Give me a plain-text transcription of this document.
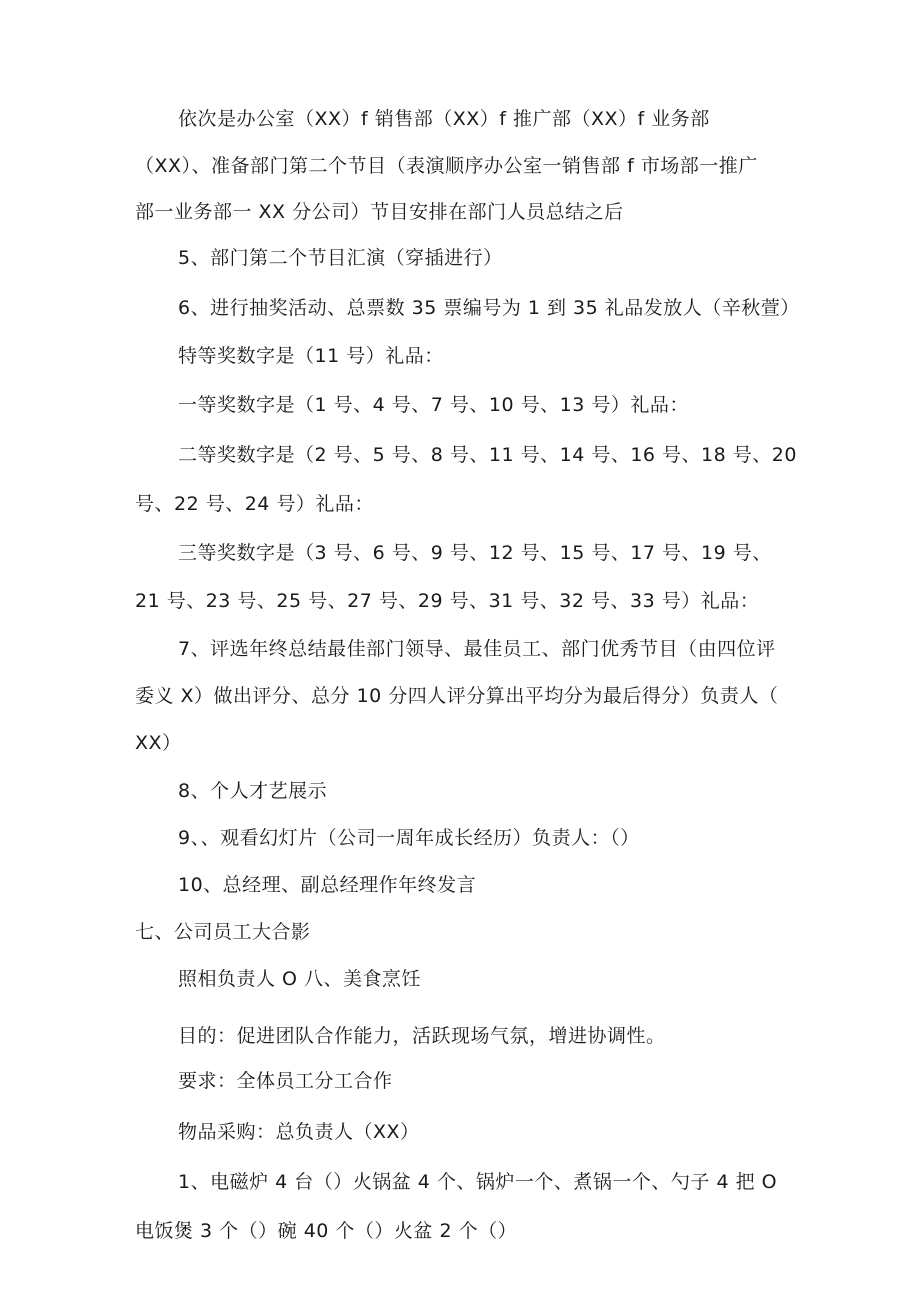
依次是办公室（XX）f 销售部（XX）f 推广部（XX）f 业务部
（XX）、准备部门第二个节目（表演顺序办公室一销售部 f 市场部一推广
部一业务部一 XX 分公司）节目安排在部门人员总结之后
5、部门第二个节目汇演（穿插进行）
6、进行抽奖活动、总票数 35 票编号为 1 到 35 礼品发放人（辛秋萱）
特等奖数字是（11 号）礼品：
一等奖数字是（1 号、4 号、7 号、10 号、13 号）礼品：
二等奖数字是（2 号、5 号、8 号、11 号、14 号、16 号、18 号、20
号、22 号、24 号）礼品：
三等奖数字是（3 号、6 号、9 号、12 号、15 号、17 号、19 号、
21 号、23 号、25 号、27 号、29 号、31 号、32 号、33 号）礼品：
7、评选年终总结最佳部门领导、最佳员工、部门优秀节目（由四位评
委义 X）做出评分、总分 10 分四人评分算出平均分为最后得分）负责人（
XX）
8、个人才艺展示
9、、观看幻灯片（公司一周年成长经历）负责人：（）
10、总经理、副总经理作年终发言
七、公司员工大合影
照相负责人 O 八、美食烹饪
目的：促进团队合作能力，活跃现场气氛，增进协调性。
要求：全体员工分工合作
物品采购：总负责人（XX）
1、电磁炉 4 台（）火锅盆 4 个、锅炉一个、煮锅一个、勺子 4 把 O
电饭煲 3 个（）碗 40 个（）火盆 2 个（）
